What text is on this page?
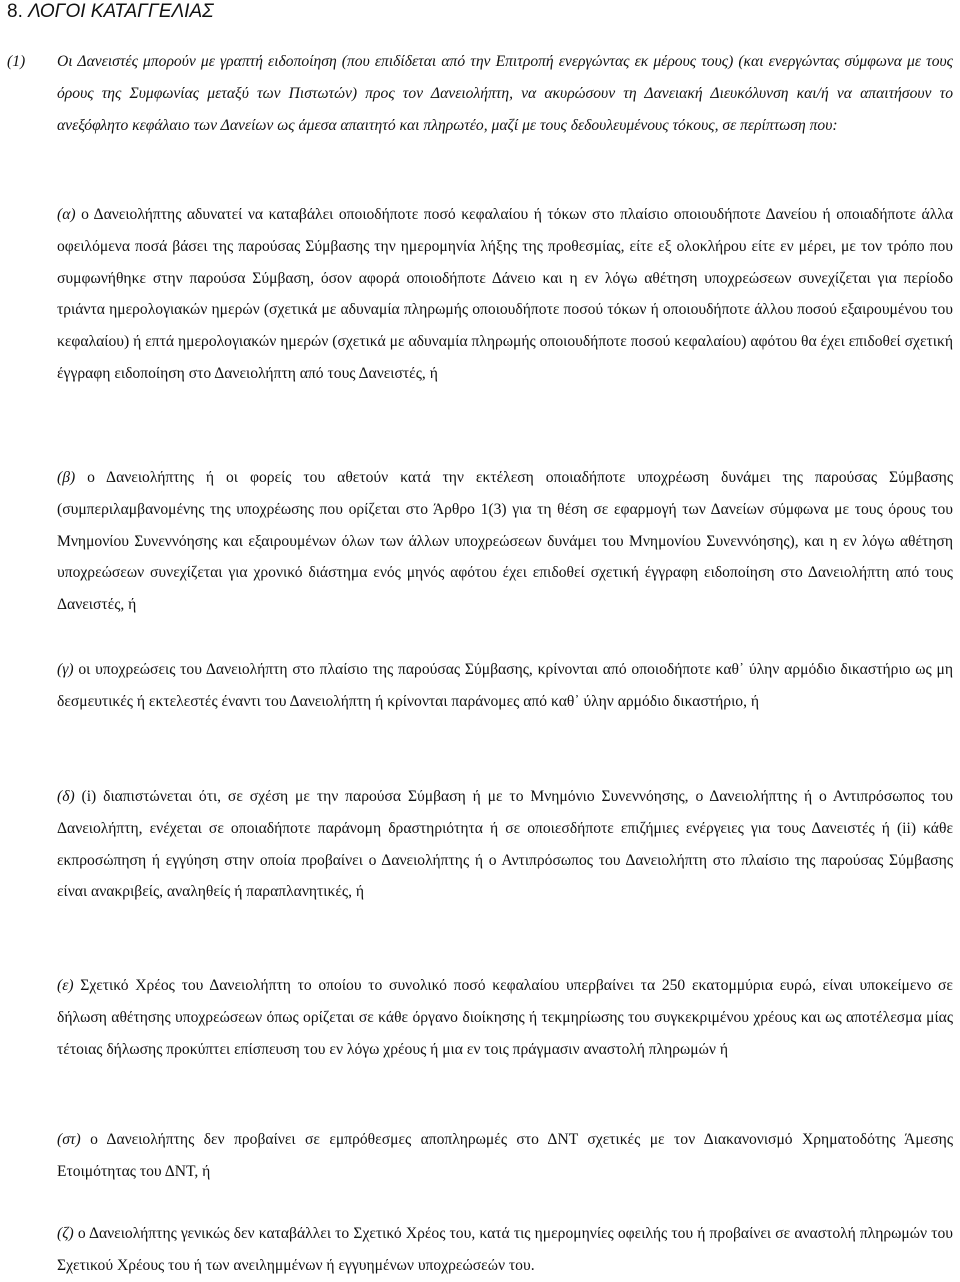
8. ΛΟΓΟΙ ΚΑΤΑΓΓΕΛΙΑΣ
(1) Οι Δανειστές μπορούν με γραπτή ειδοποίηση (που επιδίδεται από την Επιτροπή ενεργώντας εκ μέρους τους) (και ενεργώντας σύμφωνα με τους όρους της Συμφωνίας μεταξύ των Πιστωτών) προς τον Δανειολήπτη, να ακυρώσουν τη Δανειακή Διευκόλυνση και/ή να απαιτήσουν το ανεξόφλητο κεφάλαιο των Δανείων ως άμεσα απαιτητό και πληρωτέο, μαζί με τους δεδουλευμένους τόκους, σε περίπτωση που:

(α) ο Δανειολήπτης αδυνατεί να καταβάλει οποιοδήποτε ποσό κεφαλαίου ή τόκων στο πλαίσιο οποιουδήποτε Δανείου ή οποιαδήποτε άλλα οφειλόμενα ποσά βάσει της παρούσας Σύμβασης την ημερομηνία λήξης της προθεσμίας, είτε εξ ολοκλήρου είτε εν μέρει, με τον τρόπο που συμφωνήθηκε στην παρούσα Σύμβαση, όσον αφορά οποιοδήποτε Δάνειο και η εν λόγω αθέτηση υποχρεώσεων συνεχίζεται για περίοδο τριάντα ημερολογιακών ημερών (σχετικά με αδυναμία πληρωμής οποιουδήποτε ποσού τόκων ή οποιουδήποτε άλλου ποσού εξαιρουμένου του κεφαλαίου) ή επτά ημερολογιακών ημερών (σχετικά με αδυναμία πληρωμής οποιουδήποτε ποσού κεφαλαίου) αφότου θα έχει επιδοθεί σχετική έγγραφη ειδοποίηση στο Δανειολήπτη από τους Δανειστές, ή

(β) ο Δανειολήπτης ή οι φορείς του αθετούν κατά την εκτέλεση οποιαδήποτε υποχρέωση δυνάμει της παρούσας Σύμβασης (συμπεριλαμβανομένης της υποχρέωσης που ορίζεται στο Άρθρο 1(3) για τη θέση σε εφαρμογή των Δανείων σύμφωνα με τους όρους του Μνημονίου Συνεννόησης και εξαιρουμένων όλων των άλλων υποχρεώσεων δυνάμει του Μνημονίου Συνεννόησης), και η εν λόγω αθέτηση υποχρεώσεων συνεχίζεται για χρονικό διάστημα ενός μηνός αφότου έχει επιδοθεί σχετική έγγραφη ειδοποίηση στο Δανειολήπτη από τους Δανειστές, ή

(γ) οι υποχρεώσεις του Δανειολήπτη στο πλαίσιο της παρούσας Σύμβασης, κρίνονται από οποιοδήποτε καθ᾽ ύλην αρμόδιο δικαστήριο ως μη δεσμευτικές ή εκτελεστές έναντι του Δανειολήπτη ή κρίνονται παράνομες από καθ᾽ ύλην αρμόδιο δικαστήριο, ή

(δ) (i) διαπιστώνεται ότι, σε σχέση με την παρούσα Σύμβαση ή με το Μνημόνιο Συνεννόησης, ο Δανειολήπτης ή ο Αντιπρόσωπος του Δανειολήπτη, ενέχεται σε οποιαδήποτε παράνομη δραστηριότητα ή σε οποιεσδήποτε επιζήμιες ενέργειες για τους Δανειστές ή (ii) κάθε εκπροσώπηση ή εγγύηση στην οποία προβαίνει ο Δανειολήπτης ή ο Αντιπρόσωπος του Δανειολήπτη στο πλαίσιο της παρούσας Σύμβασης είναι ανακριβείς, αναληθείς ή παραπλανητικές, ή

(ε) Σχετικό Χρέος του Δανειολήπτη το οποίου το συνολικό ποσό κεφαλαίου υπερβαίνει τα 250 εκατομμύρια ευρώ, είναι υποκείμενο σε δήλωση αθέτησης υποχρεώσεων όπως ορίζεται σε κάθε όργανο διοίκησης ή τεκμηρίωσης του συγκεκριμένου χρέους και ως αποτέλεσμα μίας τέτοιας δήλωσης προκύπτει επίσπευση του εν λόγω χρέους ή μια εν τοις πράγμασιν αναστολή πληρωμών ή

(στ) ο Δανειολήπτης δεν προβαίνει σε εμπρόθεσμες αποπληρωμές στο ΔΝΤ σχετικές με τον Διακανονισμό Χρηματοδότης Άμεσης Ετοιμότητας του ΔΝΤ, ή

(ζ) ο Δανειολήπτης γενικώς δεν καταβάλλει το Σχετικό Χρέος του, κατά τις ημερομηνίες οφειλής του ή προβαίνει σε αναστολή πληρωμών του Σχετικού Χρέους του ή των ανειλημμένων ή εγγυημένων υποχρεώσεών του.
